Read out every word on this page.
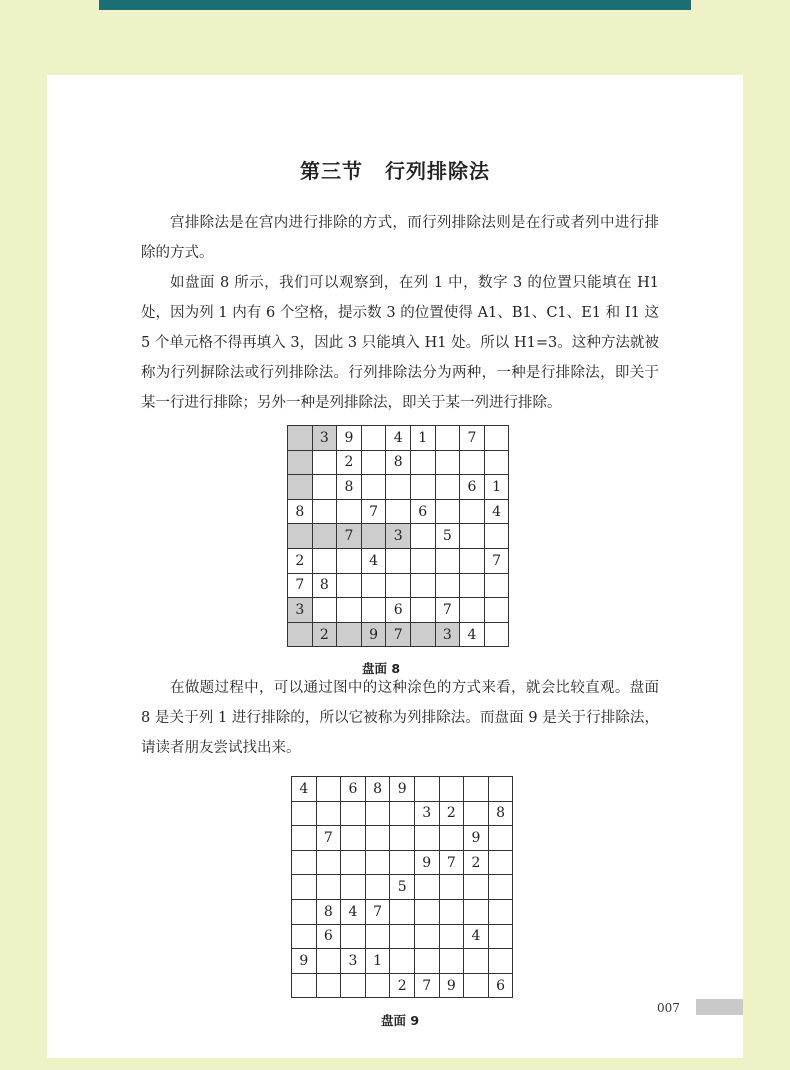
第三节 行列排除法

宫排除法是在宫内进行排除的方式，而行列排除法则是在行或者列中进行排除的方式。

如盘面 8 所示，我们可以观察到，在列 1 中，数字 3 的位置只能填在 H1 处，因为列 1 内有 6 个空格，提示数 3 的位置使得 A1、B1、C1、E1 和 I1 这 5 个单元格不得再填入 3，因此 3 只能填入 H1 处。所以 H1=3。这种方法就被称为行列摒除法或行列排除法。行列排除法分为两种，一种是行排除法，即关于某一行进行排除；另外一种是列排除法，即关于某一列进行排除。

	3	9		4	1		7	
		2		8				
		8					6	1
8			7		6			4
		7		3		5		
2			4					7
7	8							
3				6		7		
	2		9	7		3	4	
盘面 8

在做题过程中，可以通过图中的这种涂色的方式来看，就会比较直观。盘面 8 是关于列 1 进行排除的，所以它被称为列排除法。而盘面 9 是关于行排除法，请读者朋友尝试找出来。

4		6	8	9				
					3	2		8
	7						9	
					9	7	2	
				5				
	8	4	7					
	6						4	
9		3	1					
				2	7	9		6
盘面 9
007
